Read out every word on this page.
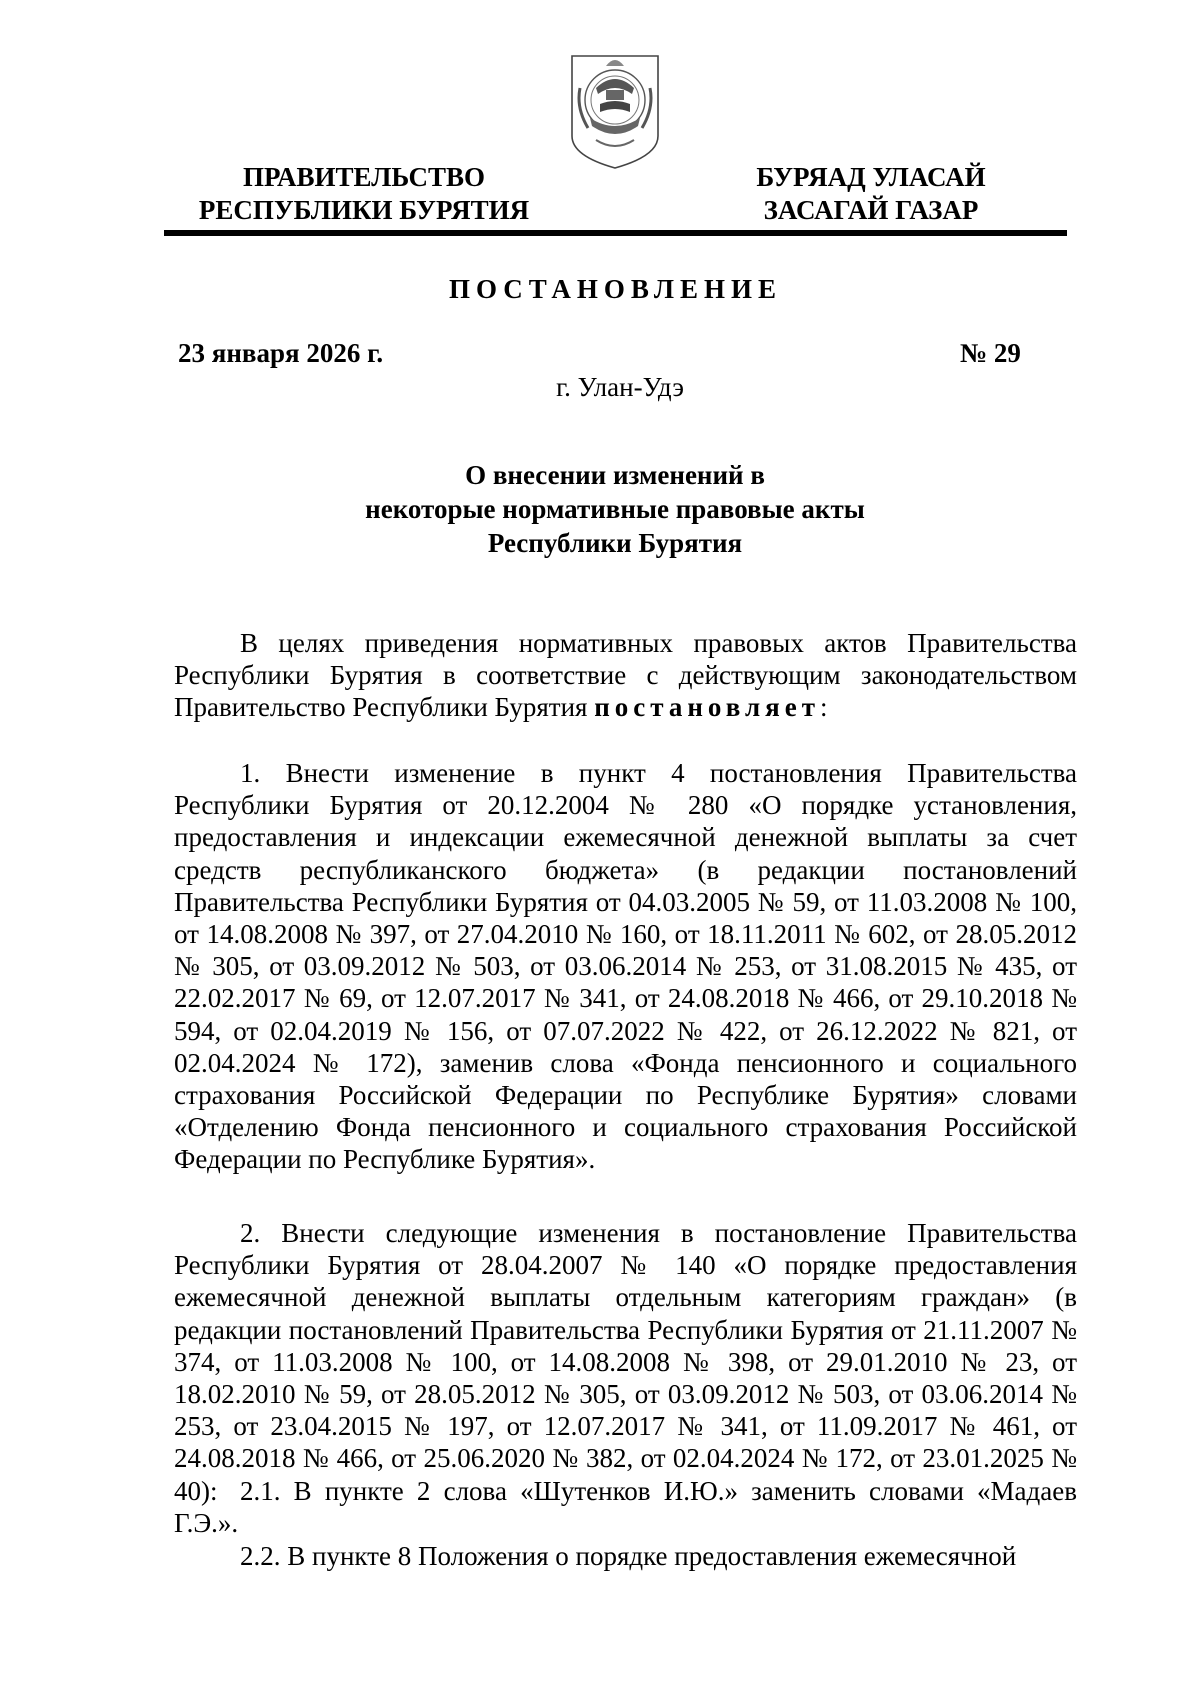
ПРАВИТЕЛЬСТВО
РЕСПУБЛИКИ БУРЯТИЯ
БУРЯАД УЛАСАЙ
ЗАСАГАЙ ГАЗАР
ПОСТАНОВЛЕНИЕ
23 января 2026 г.	№ 29
г. Улан-Удэ
О внесении изменений в
некоторые нормативные правовые акты
Республики Бурятия

В целях приведения нормативных правовых актов Правительства Республики Бурятия в соответствие с действующим законодательством Правительство Республики Бурятия постановляет:

1. Внести изменение в пункт 4 постановления Правительства Республики Бурятия от 20.12.2004 № 280 «О порядке установления, предоставления и индексации ежемесячной денежной выплаты за счет средств республиканского бюджета» (в редакции постановлений Правительства Республики Бурятия от 04.03.2005 № 59, от 11.03.2008 № 100, от 14.08.2008 № 397, от 27.04.2010 № 160, от 18.11.2011 № 602, от 28.05.2012 № 305, от 03.09.2012 № 503, от 03.06.2014 № 253, от 31.08.2015 № 435, от 22.02.2017 № 69, от 12.07.2017 № 341, от 24.08.2018 № 466, от 29.10.2018 № 594, от 02.04.2019 № 156, от 07.07.2022 № 422, от 26.12.2022 № 821, от 02.04.2024 № 172), заменив слова «Фонда пенсионного и социального страхования Российской Федерации по Республике Бурятия» словами «Отделению Фонда пенсионного и социального страхования Российской Федерации по Республике Бурятия».

2. Внести следующие изменения в постановление Правительства Республики Бурятия от 28.04.2007 № 140 «О порядке предоставления ежемесячной денежной выплаты отдельным категориям граждан» (в редакции постановлений Правительства Республики Бурятия от 21.11.2007 № 374, от 11.03.2008 № 100, от 14.08.2008 № 398, от 29.01.2010 № 23, от 18.02.2010 № 59, от 28.05.2012 № 305, от 03.09.2012 № 503, от 03.06.2014 № 253, от 23.04.2015 № 197, от 12.07.2017 № 341, от 11.09.2017 № 461, от 24.08.2018 № 466, от 25.06.2020 № 382, от 02.04.2024 № 172, от 23.01.2025 № 40): 2.1. В пункте 2 слова «Шутенков И.Ю.» заменить словами «Мадаев Г.Э.».

2.2. В пункте 8 Положения о порядке предоставления ежемесячной
